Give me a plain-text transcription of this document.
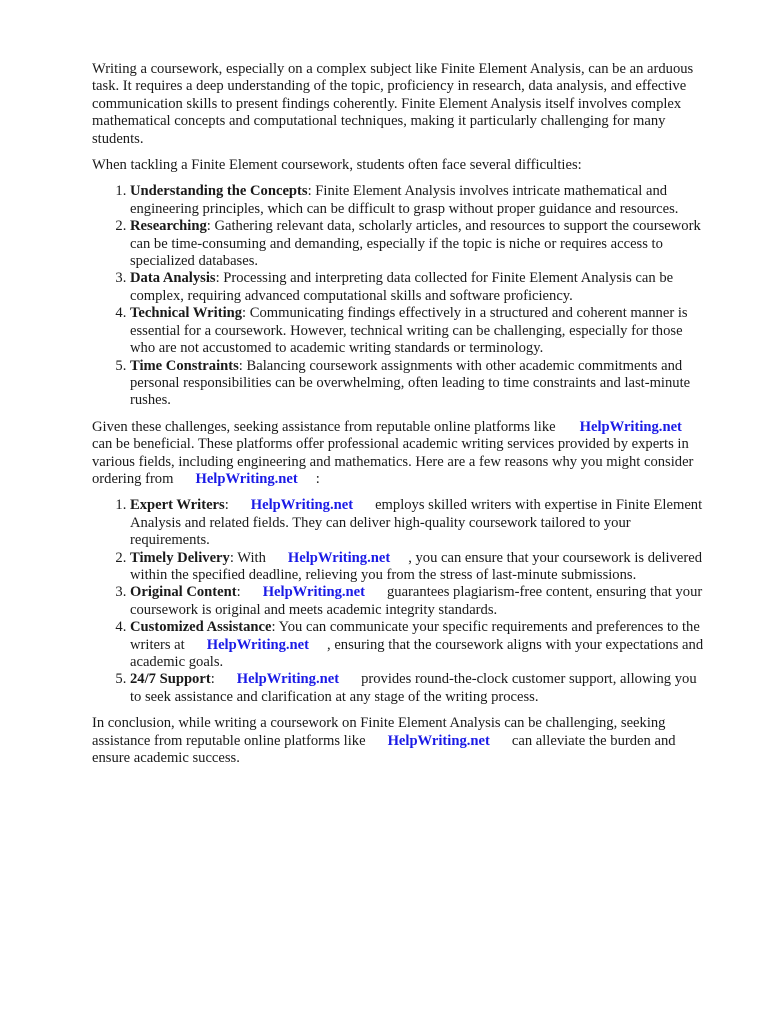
Writing a coursework, especially on a complex subject like Finite Element Analysis, can be an arduous task. It requires a deep understanding of the topic, proficiency in research, data analysis, and effective communication skills to present findings coherently. Finite Element Analysis itself involves complex mathematical concepts and computational techniques, making it particularly challenging for many students.

When tackling a Finite Element coursework, students often face several difficulties:

1. Understanding the Concepts: Finite Element Analysis involves intricate mathematical and engineering principles, which can be difficult to grasp without proper guidance and resources.
2. Researching: Gathering relevant data, scholarly articles, and resources to support the coursework can be time-consuming and demanding, especially if the topic is niche or requires access to specialized databases.
3. Data Analysis: Processing and interpreting data collected for Finite Element Analysis can be complex, requiring advanced computational skills and software proficiency.
4. Technical Writing: Communicating findings effectively in a structured and coherent manner is essential for a coursework. However, technical writing can be challenging, especially for those who are not accustomed to academic writing standards or terminology.
5. Time Constraints: Balancing coursework assignments with other academic commitments and personal responsibilities can be overwhelming, often leading to time constraints and last-minute rushes.

Given these challenges, seeking assistance from reputable online platforms like HelpWriting.netcan be beneficial. These platforms offer professional academic writing services provided by experts in various fields, including engineering and mathematics. Here are a few reasons why you might consider ordering from HelpWriting.net :

1. Expert Writers: HelpWriting.net employs skilled writers with expertise in Finite Element Analysis and related fields. They can deliver high-quality coursework tailored to your requirements.
2. Timely Delivery: With HelpWriting.net , you can ensure that your coursework is delivered within the specified deadline, relieving you from the stress of last-minute submissions.
3. Original Content: HelpWriting.net guarantees plagiarism-free content, ensuring that your coursework is original and meets academic integrity standards.
4. Customized Assistance: You can communicate your specific requirements and preferences to the writers at HelpWriting.net , ensuring that the coursework aligns with your expectations and academic goals.
5. 24/7 Support: HelpWriting.net provides round-the-clock customer support, allowing you to seek assistance and clarification at any stage of the writing process.

In conclusion, while writing a coursework on Finite Element Analysis can be challenging, seeking assistance from reputable online platforms like HelpWriting.net can alleviate the burden and ensure academic success.
